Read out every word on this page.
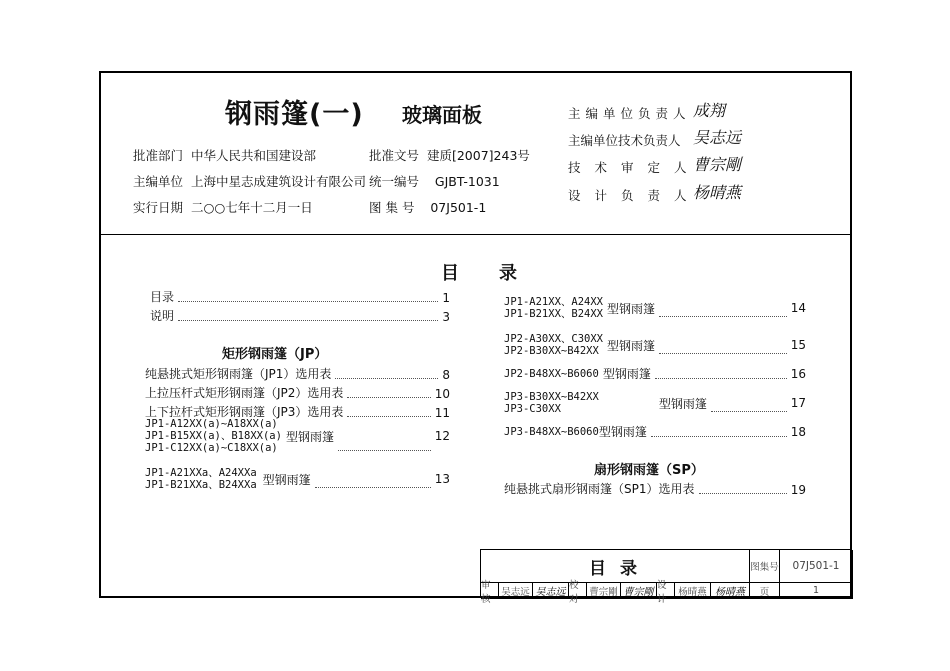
钢雨篷(一) 玻璃面板
批准部门 中华人民共和国建设部
主编单位 上海中星志成建筑设计有限公司
实行日期 二○○七年十二月一日
批准文号 建质[2007]243号
统一编号 GJBT-1031
图 集 号 07J501-1
主编单位负责人 成翔
主编单位技术负责人 吴志远
技术审定人
曹宗剛
设计负责人
杨晴燕
目录
目录	1
说明	3
矩形钢雨篷（JP）
纯悬挑式矩形钢雨篷（JP1）选用表	8
上拉压杆式矩形钢雨篷（JP2）选用表	10
上下拉杆式矩形钢雨篷（JP3）选用表	11
JP1-A12XX(a)~A18XX(a)
JP1-B15XX(a)、B18XX(a)
JP1-C12XX(a)~C18XX(a)
型钢雨篷	12
JP1-A21XXa、A24XXa
JP1-B21XXa、B24XXa 型钢雨篷	13
JP1-A21XX、A24XX
JP1-B21XX、B24XX 型钢雨篷	14
JP2-A30XX、C30XX
JP2-B30XX~B42XX 型钢雨篷	15
JP2-B48XX~B6060 型钢雨篷	16
JP3-B30XX~B42XX
JP3-C30XX	型钢雨篷	17
JP3-B48XX~B6060 型钢雨篷	18
扇形钢雨篷（SP）
纯悬挑式扇形钢雨篷（SP1）选用表	19
目 录	图集号	07J501-1
审核
吴志远 吴志远
校对
曹宗剛 曹宗剛
设计
杨晴燕 杨晴燕	页	1
